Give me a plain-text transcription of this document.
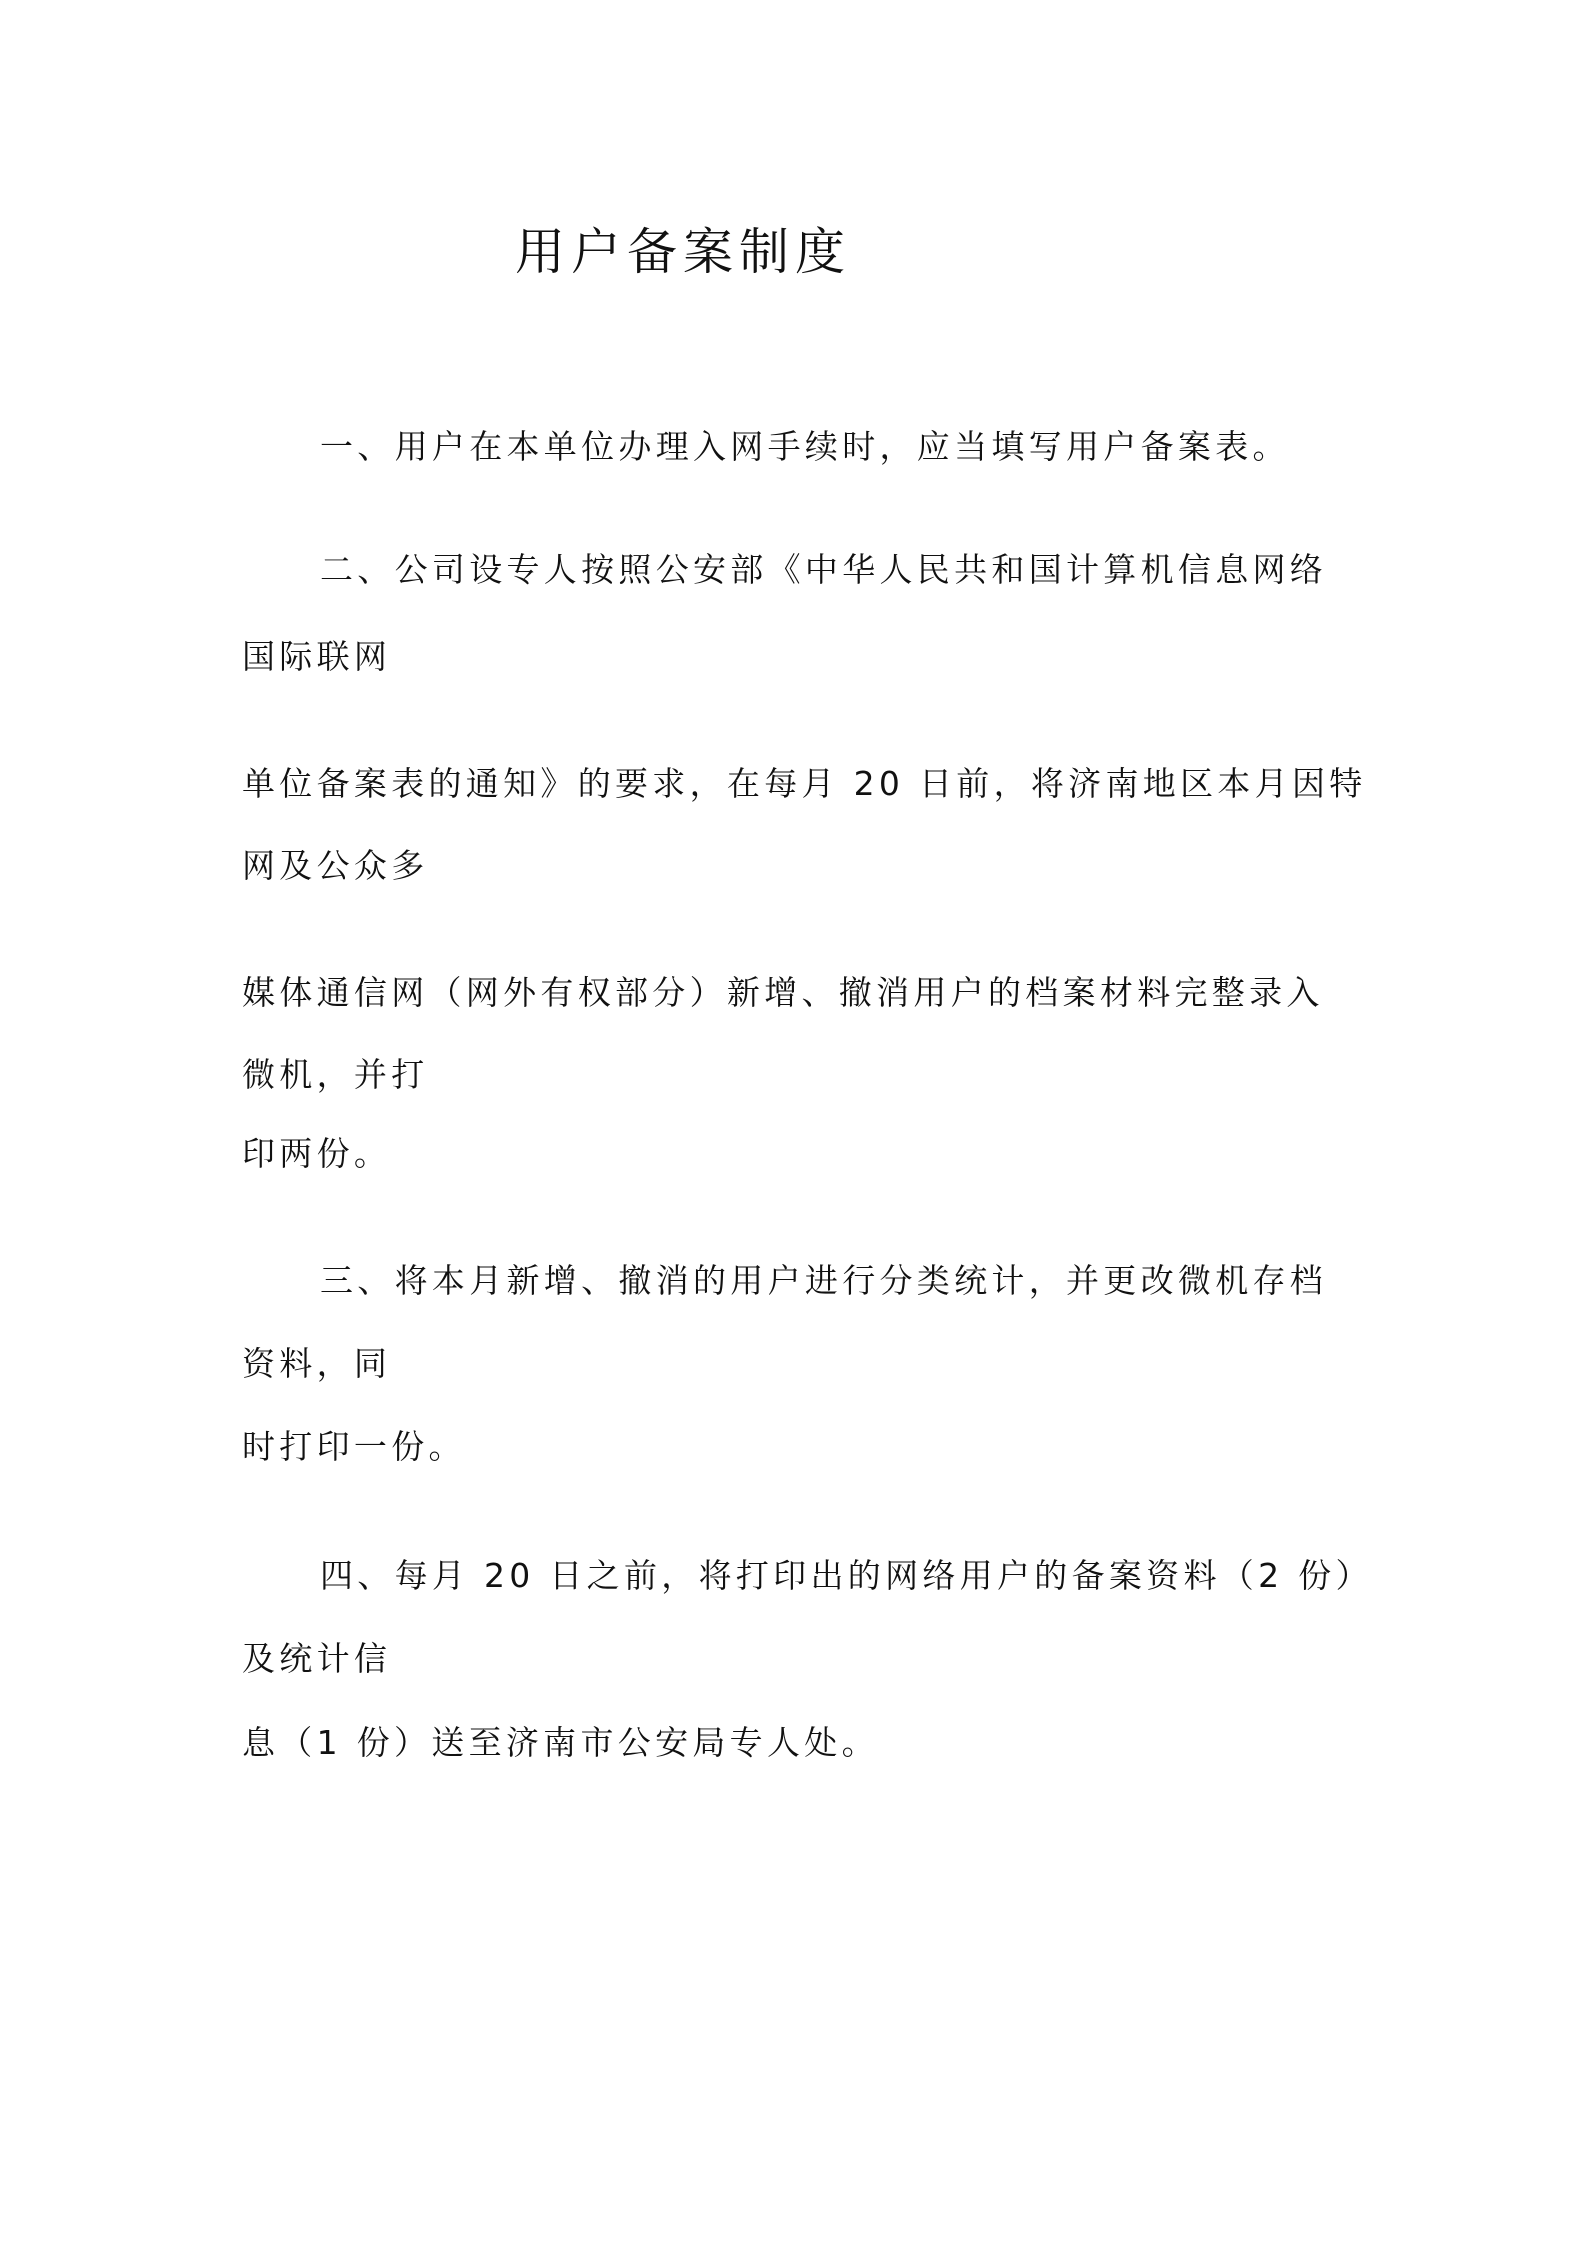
用户备案制度
一、用户在本单位办理入网手续时，应当填写用户备案表。
二、公司设专人按照公安部《中华人民共和国计算机信息网络
国际联网
单位备案表的通知》的要求，在每月 20 日前，将济南地区本月因特
网及公众多
媒体通信网（网外有权部分）新增、撤消用户的档案材料完整录入
微机，并打
印两份。
三、将本月新增、撤消的用户进行分类统计，并更改微机存档
资料，同
时打印一份。
四、每月 20 日之前，将打印出的网络用户的备案资料（2 份）
及统计信
息（1 份）送至济南市公安局专人处。
